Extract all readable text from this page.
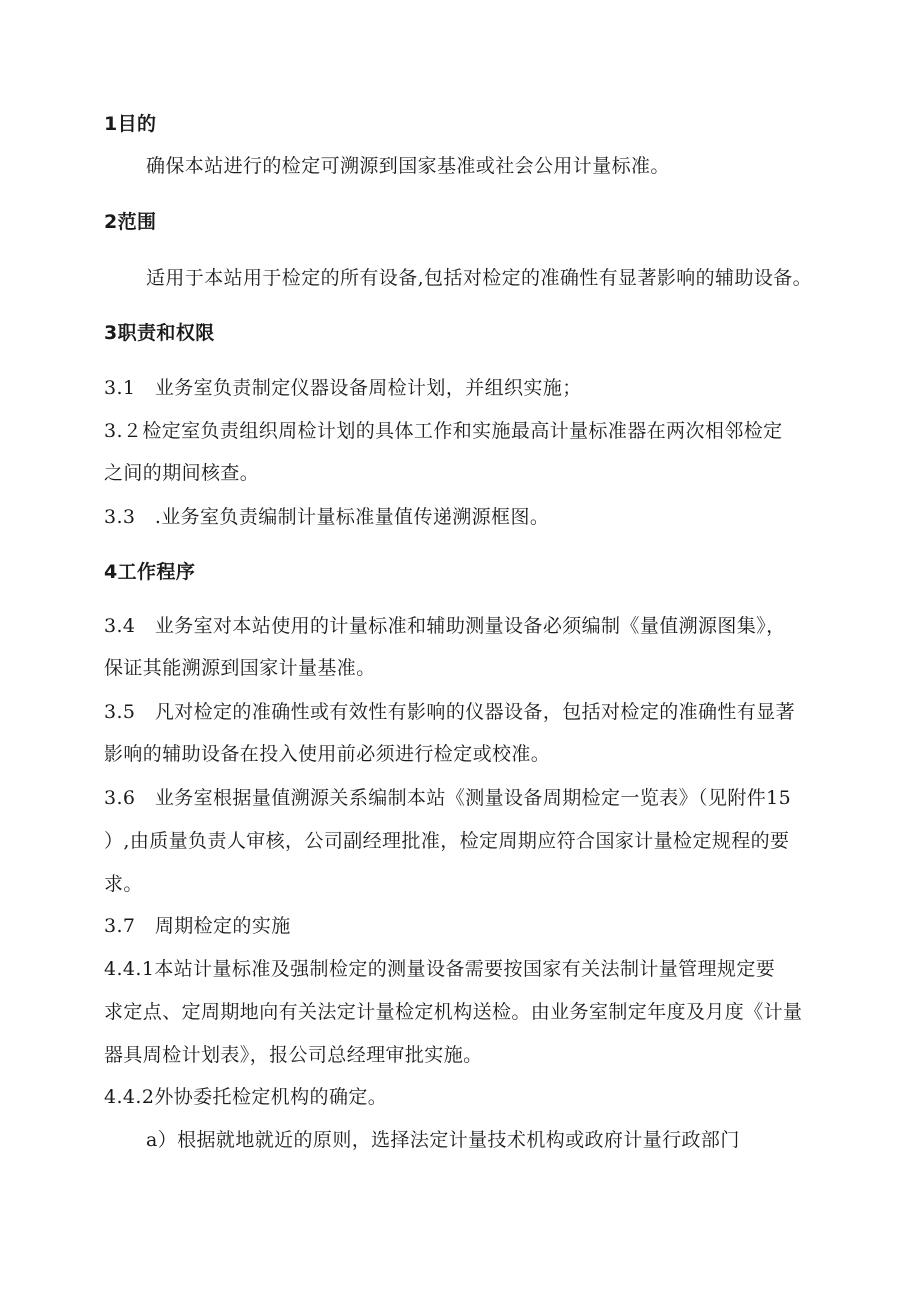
1目的
确保本站进行的检定可溯源到国家基准或社会公用计量标准。
2范围
适用于本站用于检定的所有设备,包括对检定的准确性有显著影响的辅助设备。
3职责和权限
3.1　业务室负责制定仪器设备周检计划，并组织实施；
3.２检定室负责组织周检计划的具体工作和实施最高计量标准器在两次相邻检定
之间的期间核查。
3.3　.业务室负责编制计量标准量值传递溯源框图。
4工作程序
3.4　业务室对本站使用的计量标准和辅助测量设备必须编制《量值溯源图集》，
保证其能溯源到国家计量基准。
3.5　凡对检定的准确性或有效性有影响的仪器设备，包括对检定的准确性有显著
影响的辅助设备在投入使用前必须进行检定或校准。
3.6　业务室根据量值溯源关系编制本站《测量设备周期检定一览表》（见附件15
）,由质量负责人审核，公司副经理批准，检定周期应符合国家计量检定规程的要
求。
3.7　周期检定的实施
4.4.1本站计量标准及强制检定的测量设备需要按国家有关法制计量管理规定要
求定点、定周期地向有关法定计量检定机构送检。由业务室制定年度及月度《计量
器具周检计划表》，报公司总经理审批实施。
4.4.2外协委托检定机构的确定。
a）根据就地就近的原则，选择法定计量技术机构或政府计量行政部门
